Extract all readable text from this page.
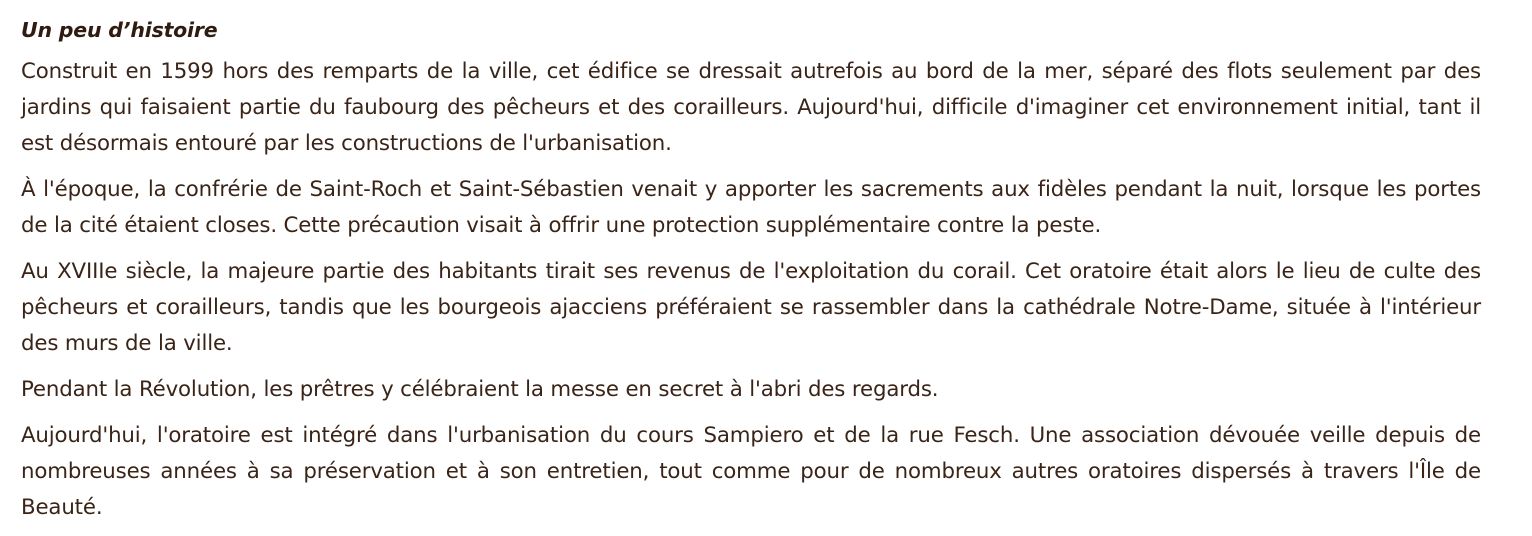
Un peu d’histoire

Construit en 1599 hors des remparts de la ville, cet édifice se dressait autrefois au bord de la mer, séparé des flots seulement par des jardins qui faisaient partie du faubourg des pêcheurs et des corailleurs. Aujourd'hui, difficile d'imaginer cet environnement initial, tant il est désormais entouré par les constructions de l'urbanisation.

À l'époque, la confrérie de Saint-Roch et Saint-Sébastien venait y apporter les sacrements aux fidèles pendant la nuit, lorsque les portes de la cité étaient closes. Cette précaution visait à offrir une protection supplémentaire contre la peste.

Au XVIIIe siècle, la majeure partie des habitants tirait ses revenus de l'exploitation du corail. Cet oratoire était alors le lieu de culte des pêcheurs et corailleurs, tandis que les bourgeois ajacciens préféraient se rassembler dans la cathédrale Notre-Dame, située à l'intérieur des murs de la ville.

Pendant la Révolution, les prêtres y célébraient la messe en secret à l'abri des regards.

Aujourd'hui, l'oratoire est intégré dans l'urbanisation du cours Sampiero et de la rue Fesch. Une association dévouée veille depuis de nombreuses années à sa préservation et à son entretien, tout comme pour de nombreux autres oratoires dispersés à travers l'Île de Beauté.
